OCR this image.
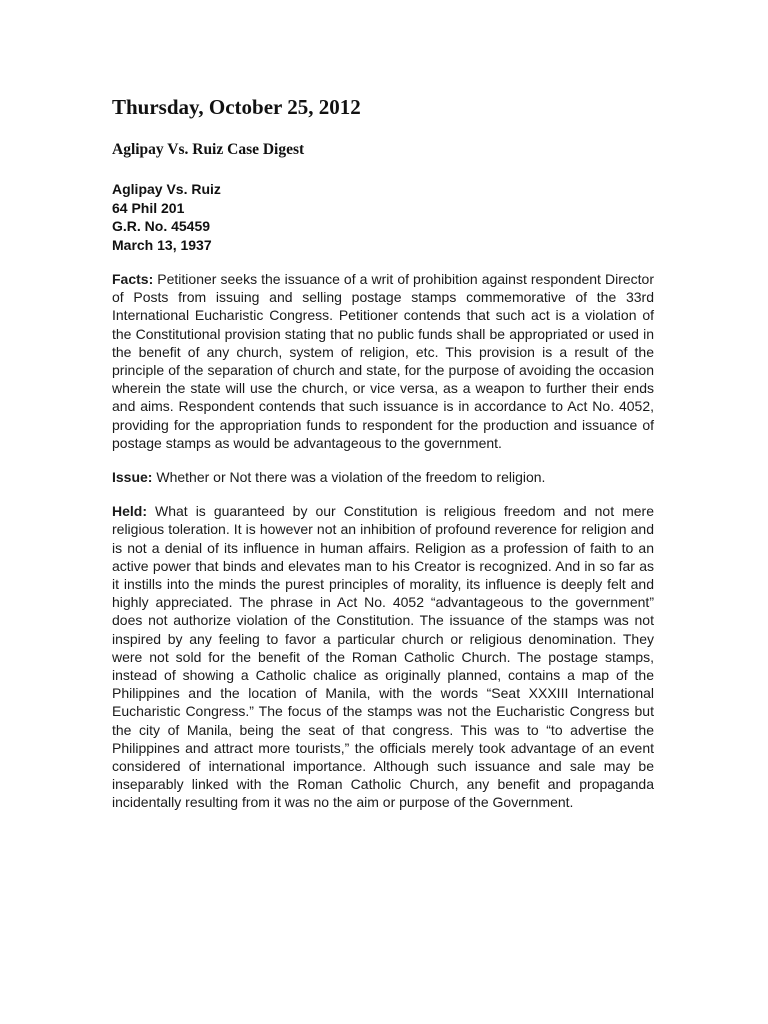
Thursday, October 25, 2012
Aglipay Vs. Ruiz Case Digest
Aglipay Vs. Ruiz
64 Phil 201
G.R. No. 45459
March 13, 1937

Facts: Petitioner seeks the issuance of a writ of prohibition against respondent Director of Posts from issuing and selling postage stamps commemorative of the 33rd International Eucharistic Congress. Petitioner contends that such act is a violation of the Constitutional provision stating that no public funds shall be appropriated or used in the benefit of any church, system of religion, etc. This provision is a result of the principle of the separation of church and state, for the purpose of avoiding the occasion wherein the state will use the church, or vice versa, as a weapon to further their ends and aims. Respondent contends that such issuance is in accordance to Act No. 4052, providing for the appropriation funds to respondent for the production and issuance of postage stamps as would be advantageous to the government.

Issue: Whether or Not there was a violation of the freedom to religion.

Held: What is guaranteed by our Constitution is religious freedom and not mere religious toleration. It is however not an inhibition of profound reverence for religion and is not a denial of its influence in human affairs. Religion as a profession of faith to an active power that binds and elevates man to his Creator is recognized. And in so far as it instills into the minds the purest principles of morality, its influence is deeply felt and highly appreciated. The phrase in Act No. 4052 “advantageous to the government” does not authorize violation of the Constitution. The issuance of the stamps was not inspired by any feeling to favor a particular church or religious denomination. They were not sold for the benefit of the Roman Catholic Church. The postage stamps, instead of showing a Catholic chalice as originally planned, contains a map of the Philippines and the location of Manila, with the words “Seat XXXIII International Eucharistic Congress.” The focus of the stamps was not the Eucharistic Congress but the city of Manila, being the seat of that congress. This was to “to advertise the Philippines and attract more tourists,” the officials merely took advantage of an event considered of international importance. Although such issuance and sale may be inseparably linked with the Roman Catholic Church, any benefit and propaganda incidentally resulting from it was no the aim or purpose of the Government.
